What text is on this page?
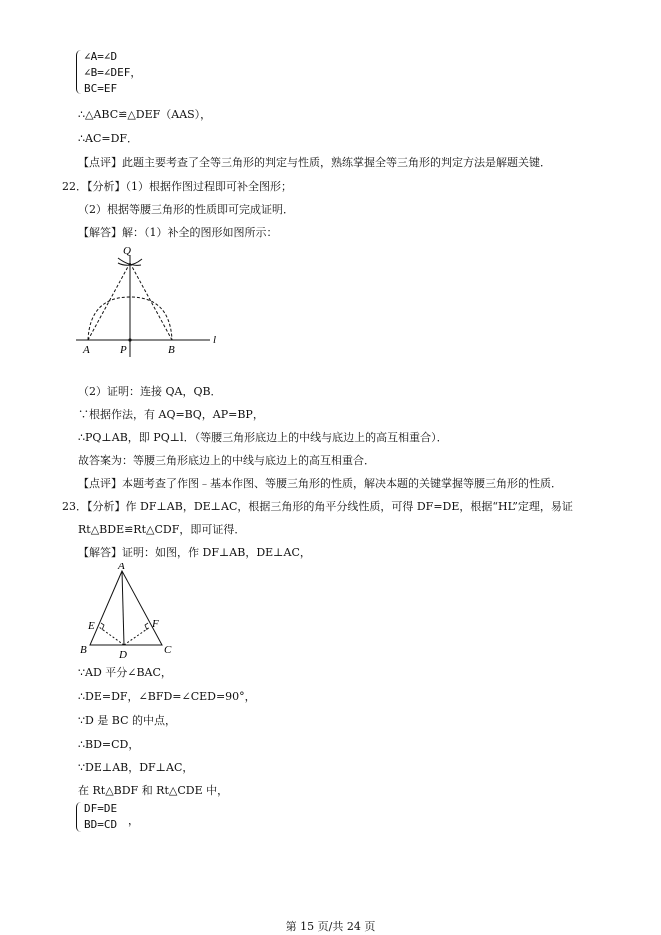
∠A=∠D
∠B=∠DEF，
BC=EF
∴△ABC≌△DEF（AAS），
∴AC=DF．
【点评】此题主要考查了全等三角形的判定与性质，熟练掌握全等三角形的判定方法是解题关键．
22．【分析】（1）根据作图过程即可补全图形；
（2）根据等腰三角形的性质即可完成证明．
【解答】解：（1）补全的图形如图所示：
Q
A	P	B
l
（2）证明：连接 QA，QB．
∵根据作法，有 AQ=BQ，AP=BP，
∴PQ⊥AB，即 PQ⊥l．（等腰三角形底边上的中线与底边上的高互相重合）．
故答案为：等腰三角形底边上的中线与底边上的高互相重合．
【点评】本题考查了作图﹣基本作图、等腰三角形的性质，解决本题的关键掌握等腰三角形的性质．
23．【分析】作 DF⊥AB，DE⊥AC，根据三角形的角平分线性质，可得 DF=DE，根据“HL”定理，易证
Rt△BDE≌Rt△CDF，即可证得．
【解答】证明：如图，作 DF⊥AB，DE⊥AC，
A
B	C
D
E	F
∵AD 平分∠BAC，
∴DE=DF，∠BFD=∠CED=90°，
∵D 是 BC 的中点，
∴BD=CD，
∵DE⊥AB，DF⊥AC，
在 Rt△BDF 和 Rt△CDE 中，
DF=DE
BD=CD ，
第 15 页/共 24 页
